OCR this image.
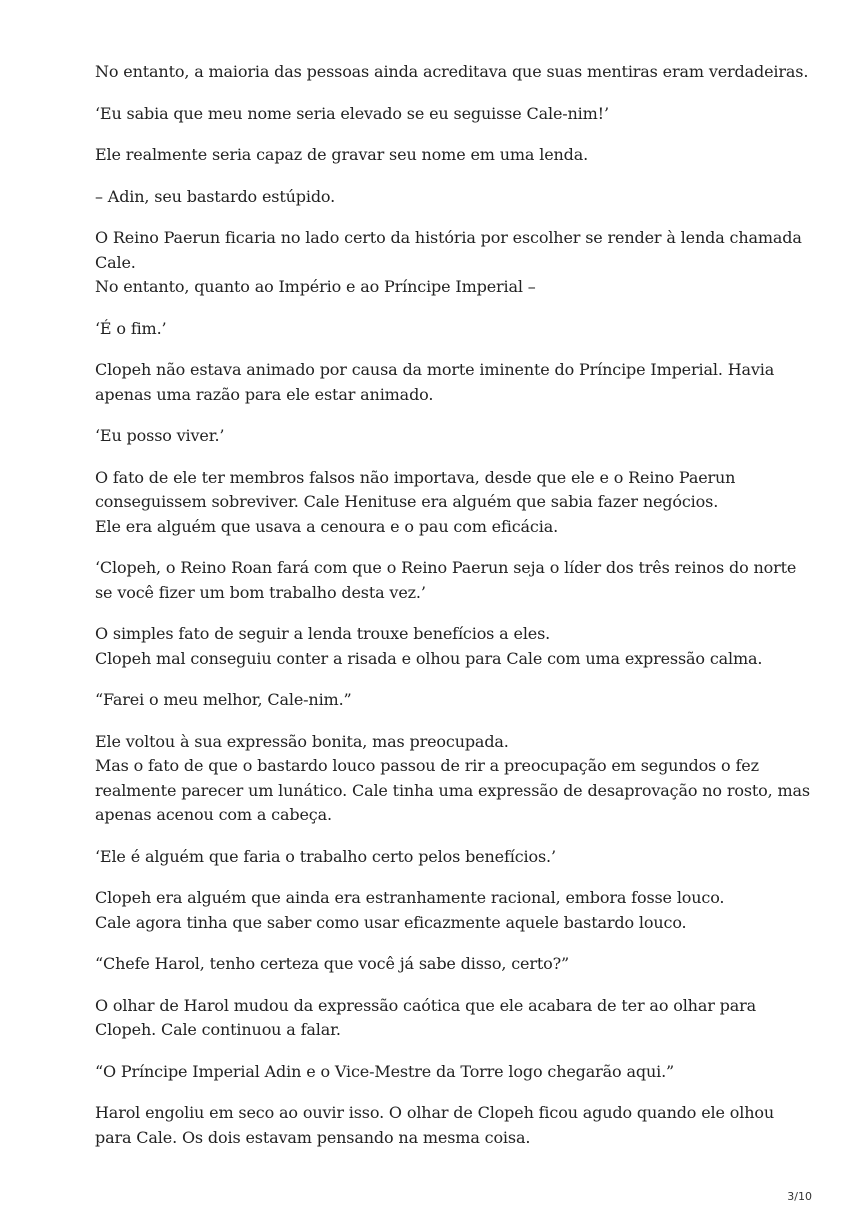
No entanto, a maioria das pessoas ainda acreditava que suas mentiras eram verdadeiras.

‘Eu sabia que meu nome seria elevado se eu seguisse Cale-nim!’

Ele realmente seria capaz de gravar seu nome em uma lenda.

– Adin, seu bastardo estúpido.

O Reino Paerun ficaria no lado certo da história por escolher se render à lenda chamada
Cale.
No entanto, quanto ao Império e ao Príncipe Imperial –

‘É o fim.’

Clopeh não estava animado por causa da morte iminente do Príncipe Imperial. Havia
apenas uma razão para ele estar animado.

‘Eu posso viver.’

O fato de ele ter membros falsos não importava, desde que ele e o Reino Paerun
conseguissem sobreviver. Cale Henituse era alguém que sabia fazer negócios.
Ele era alguém que usava a cenoura e o pau com eficácia.

‘Clopeh, o Reino Roan fará com que o Reino Paerun seja o líder dos três reinos do norte
se você fizer um bom trabalho desta vez.’

O simples fato de seguir a lenda trouxe benefícios a eles.
Clopeh mal conseguiu conter a risada e olhou para Cale com uma expressão calma.

“Farei o meu melhor, Cale-nim.”

Ele voltou à sua expressão bonita, mas preocupada.
Mas o fato de que o bastardo louco passou de rir a preocupação em segundos o fez
realmente parecer um lunático. Cale tinha uma expressão de desaprovação no rosto, mas
apenas acenou com a cabeça.

‘Ele é alguém que faria o trabalho certo pelos benefícios.’

Clopeh era alguém que ainda era estranhamente racional, embora fosse louco.
Cale agora tinha que saber como usar eficazmente aquele bastardo louco.

“Chefe Harol, tenho certeza que você já sabe disso, certo?”

O olhar de Harol mudou da expressão caótica que ele acabara de ter ao olhar para
Clopeh. Cale continuou a falar.

“O Príncipe Imperial Adin e o Vice-Mestre da Torre logo chegarão aqui.”

Harol engoliu em seco ao ouvir isso. O olhar de Clopeh ficou agudo quando ele olhou
para Cale. Os dois estavam pensando na mesma coisa.

3/10
